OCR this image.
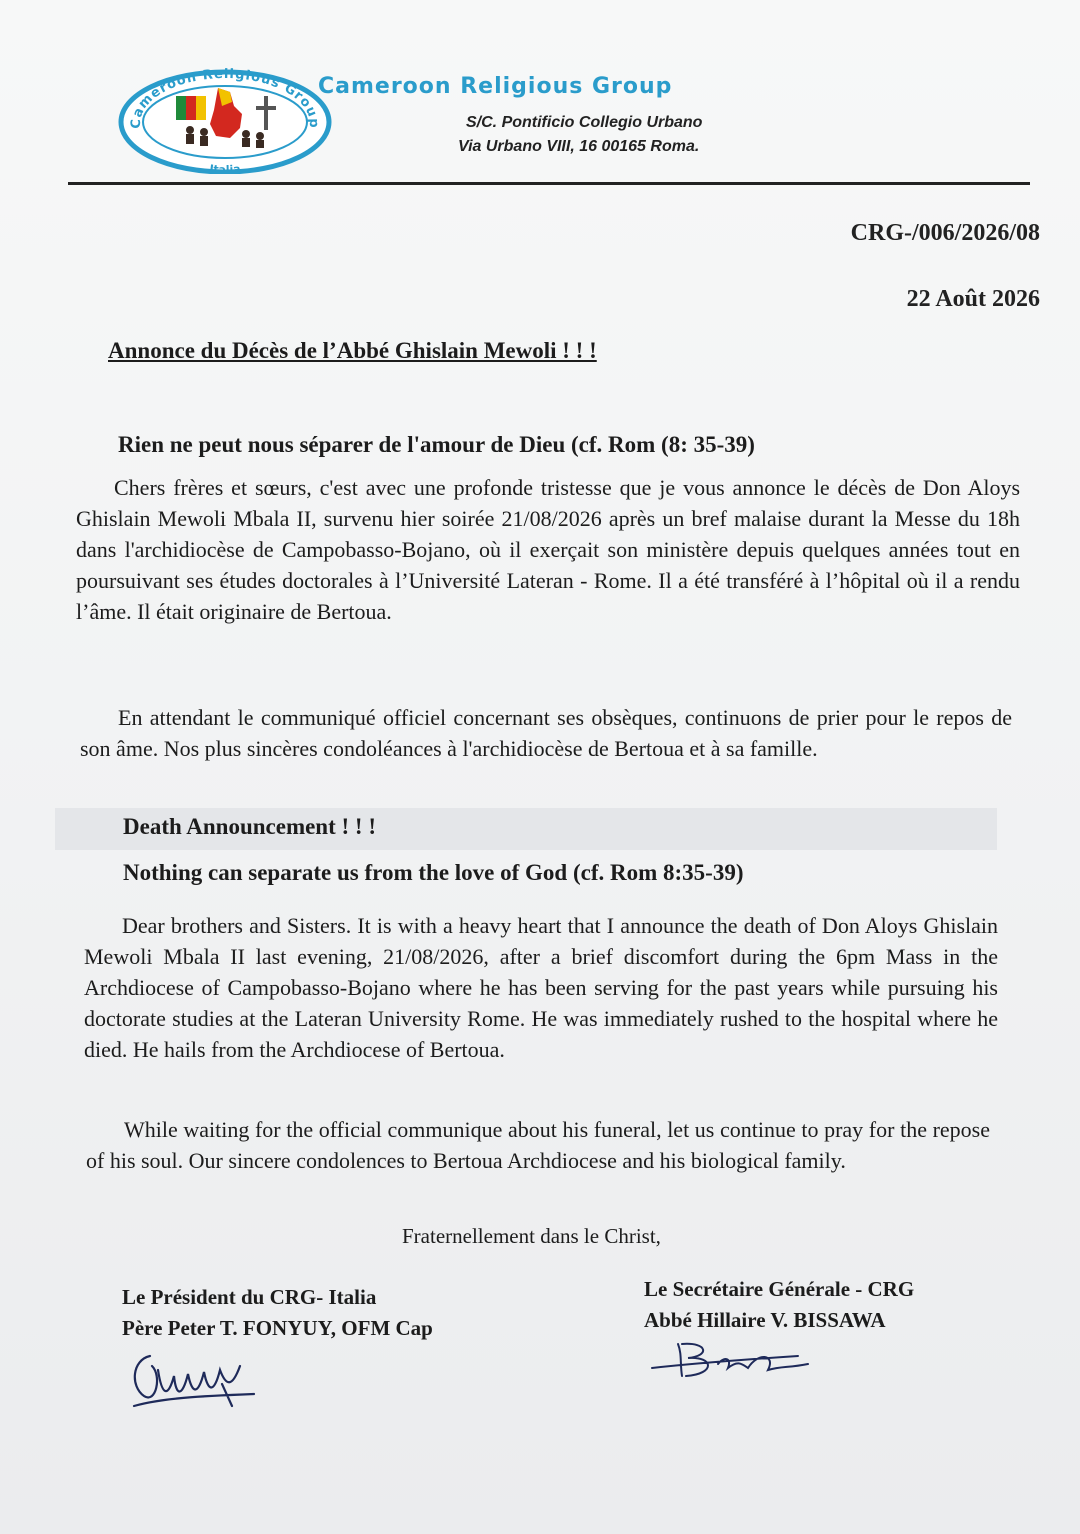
Cameroon Religious Group
Italia
Cameroon Religious Group
S/C. Pontificio Collegio Urbano
Via Urbano VIII, 16 00165 Roma.
CRG-/006/2026/08
22 Août 2026
Annonce du Décès de l’Abbé Ghislain Mewoli ! ! !
Rien ne peut nous séparer de l'amour de Dieu (cf. Rom (8: 35-39)

Chers frères et sœurs, c'est avec une profonde tristesse que je vous annonce le décès de Don Aloys Ghislain Mewoli Mbala II, survenu hier soirée 21/08/2026 après un bref malaise durant la Messe du 18h dans l'archidiocèse de Campobasso-Bojano, où il exerçait son ministère depuis quelques années tout en poursuivant ses études doctorales à l’Université Lateran - Rome. Il a été transféré à l’hôpital où il a rendu l’âme. Il était originaire de Bertoua.

En attendant le communiqué officiel concernant ses obsèques, continuons de prier pour le repos de son âme. Nos plus sincères condoléances à l'archidiocèse de Bertoua et à sa famille.

Death Announcement ! ! !
Nothing can separate us from the love of God (cf. Rom 8:35-39)

Dear brothers and Sisters. It is with a heavy heart that I announce the death of Don Aloys Ghislain Mewoli Mbala II last evening, 21/08/2026, after a brief discomfort during the 6pm Mass in the Archdiocese of Campobasso-Bojano where he has been serving for the past years while pursuing his doctorate studies at the Lateran University Rome. He was immediately rushed to the hospital where he died. He hails from the Archdiocese of Bertoua.

While waiting for the official communique about his funeral, let us continue to pray for the repose of his soul. Our sincere condolences to Bertoua Archdiocese and his biological family.

Fraternellement dans le Christ,
Le Président du CRG- Italia
Père Peter T. FONYUY, OFM Cap
Le Secrétaire Générale - CRG
Abbé Hillaire V. BISSAWA
